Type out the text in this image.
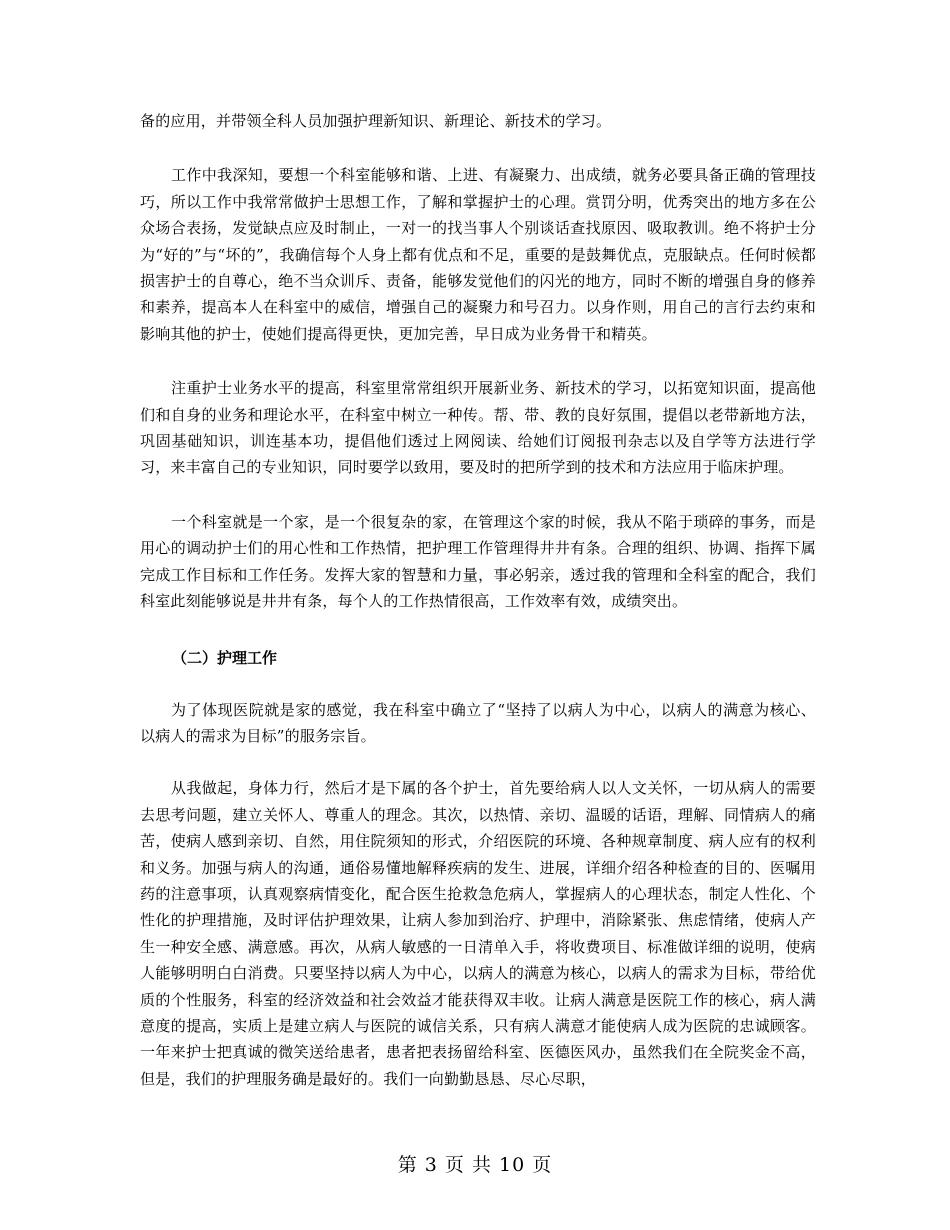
备的应用，并带领全科人员加强护理新知识、新理论、新技术的学习。

工作中我深知，要想一个科室能够和谐、上进、有凝聚力、出成绩，就务必要具备正确的管理技巧，所以工作中我常常做护士思想工作，了解和掌握护士的心理。赏罚分明，优秀突出的地方多在公众场合表扬，发觉缺点应及时制止，一对一的找当事人个别谈话查找原因、吸取教训。绝不将护士分为“好的”与“坏的”，我确信每个人身上都有优点和不足，重要的是鼓舞优点，克服缺点。任何时候都损害护士的自尊心，绝不当众训斥、责备，能够发觉他们的闪光的地方，同时不断的增强自身的修养和素养，提高本人在科室中的威信，增强自己的凝聚力和号召力。以身作则，用自己的言行去约束和影响其他的护士，使她们提高得更快，更加完善，早日成为业务骨干和精英。

注重护士业务水平的提高，科室里常常组织开展新业务、新技术的学习，以拓宽知识面，提高他们和自身的业务和理论水平，在科室中树立一种传。帮、带、教的良好氛围，提倡以老带新地方法，巩固基础知识，训连基本功，提倡他们透过上网阅读、给她们订阅报刊杂志以及自学等方法进行学习，来丰富自己的专业知识，同时要学以致用，要及时的把所学到的技术和方法应用于临床护理。

一个科室就是一个家，是一个很复杂的家，在管理这个家的时候，我从不陷于琐碎的事务，而是用心的调动护士们的用心性和工作热情，把护理工作管理得井井有条。合理的组织、协调、指挥下属完成工作目标和工作任务。发挥大家的智慧和力量，事必躬亲，透过我的管理和全科室的配合，我们科室此刻能够说是井井有条，每个人的工作热情很高，工作效率有效，成绩突出。

（二）护理工作

为了体现医院就是家的感觉，我在科室中确立了“坚持了以病人为中心，以病人的满意为核心、以病人的需求为目标”的服务宗旨。

从我做起，身体力行，然后才是下属的各个护士，首先要给病人以人文关怀，一切从病人的需要去思考问题，建立关怀人、尊重人的理念。其次，以热情、亲切、温暖的话语，理解、同情病人的痛苦，使病人感到亲切、自然，用住院须知的形式，介绍医院的环境、各种规章制度、病人应有的权利和义务。加强与病人的沟通，通俗易懂地解释疾病的发生、进展，详细介绍各种检查的目的、医嘱用药的注意事项，认真观察病情变化，配合医生抢救急危病人，掌握病人的心理状态，制定人性化、个性化的护理措施，及时评估护理效果，让病人参加到治疗、护理中，消除紧张、焦虑情绪，使病人产生一种安全感、满意感。再次，从病人敏感的一日清单入手，将收费项目、标准做详细的说明，使病人能够明明白白消费。只要坚持以病人为中心，以病人的满意为核心，以病人的需求为目标，带给优质的个性服务，科室的经济效益和社会效益才能获得双丰收。让病人满意是医院工作的核心，病人满意度的提高，实质上是建立病人与医院的诚信关系，只有病人满意才能使病人成为医院的忠诚顾客。一年来护士把真诚的微笑送给患者，患者把表扬留给科室、医德医风办，虽然我们在全院奖金不高，但是，我们的护理服务确是最好的。我们一向勤勤恳恳、尽心尽职，

第 3 页 共 10 页
